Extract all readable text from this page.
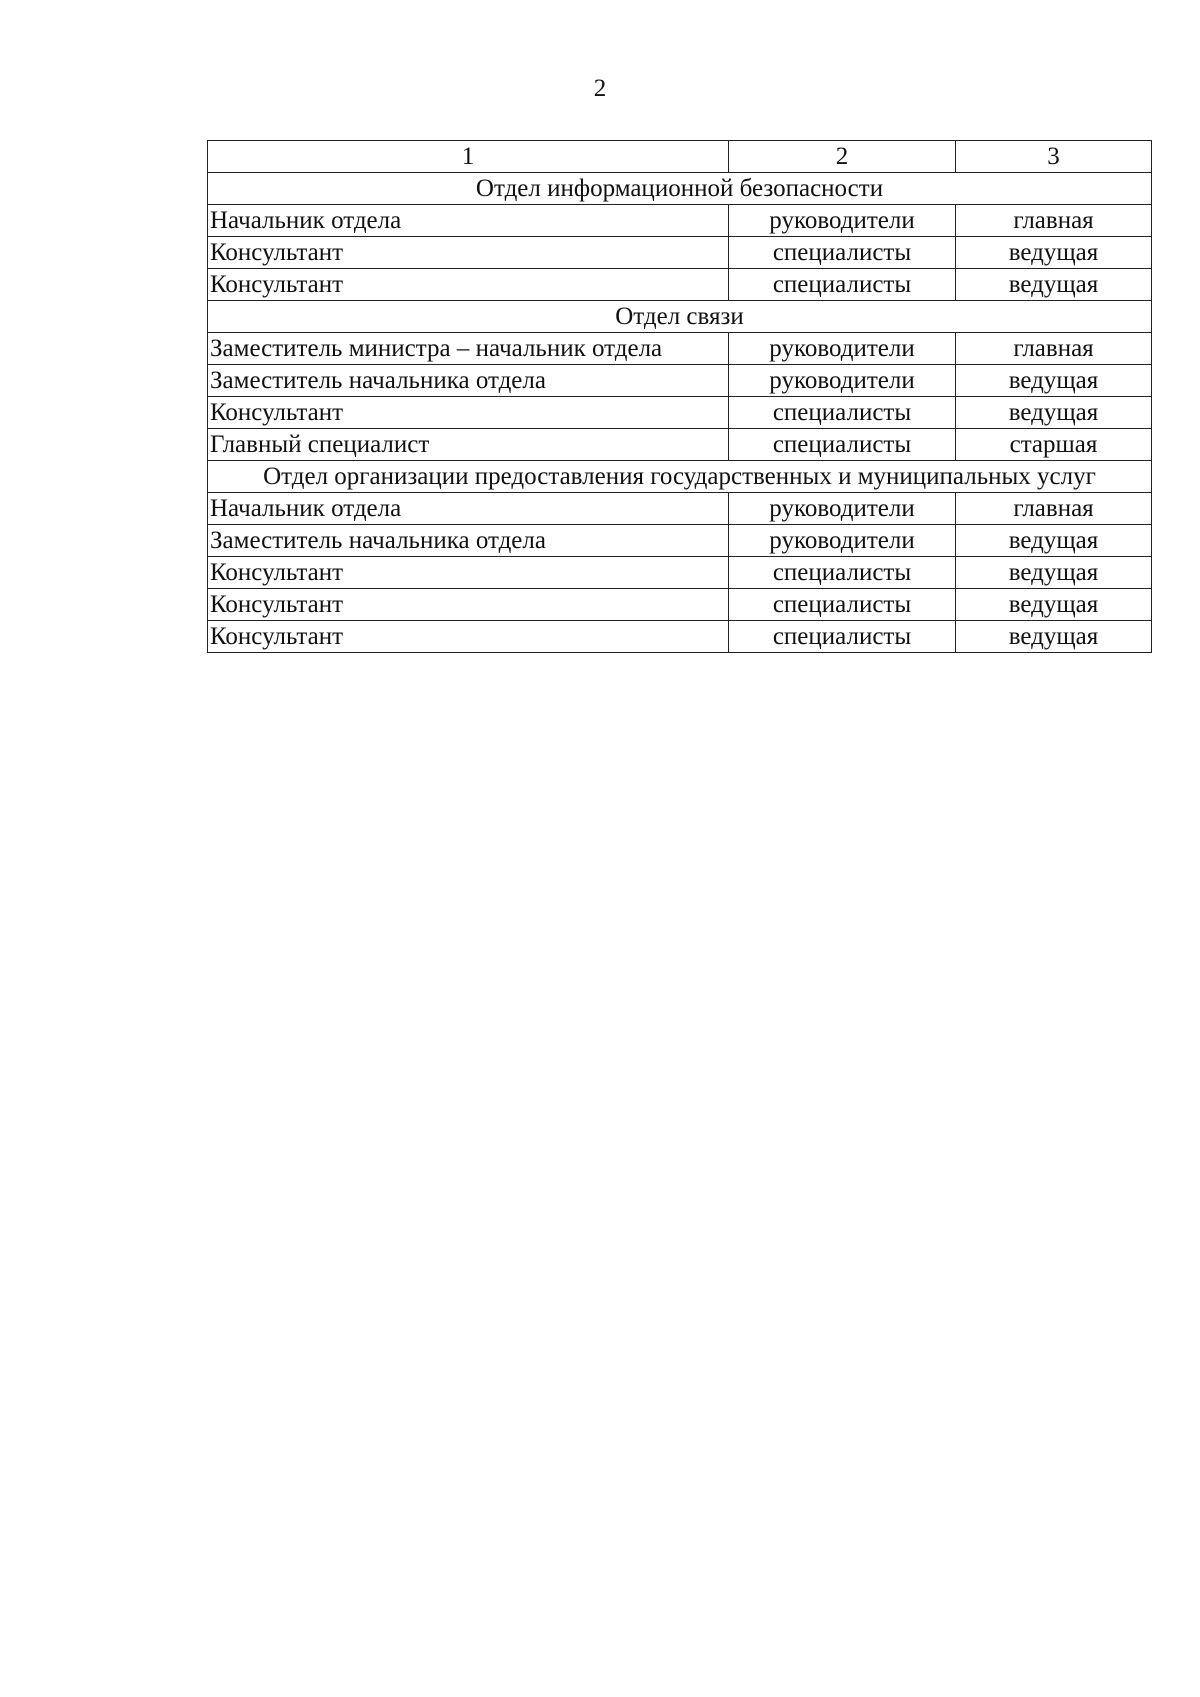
2
1	2	3
Отдел информационной безопасности		
Начальник отдела	руководители	главная
Консультант	специалисты	ведущая
Консультант	специалисты	ведущая
Отдел связи		
Заместитель министра – начальник отдела	руководители	главная
Заместитель начальника отдела	руководители	ведущая
Консультант	специалисты	ведущая
Главный специалист	специалисты	старшая
Отдел организации предоставления государственных и муниципальных услуг		
Начальник отдела	руководители	главная
Заместитель начальника отдела	руководители	ведущая
Консультант	специалисты	ведущая
Консультант	специалисты	ведущая
Консультант	специалисты	ведущая
